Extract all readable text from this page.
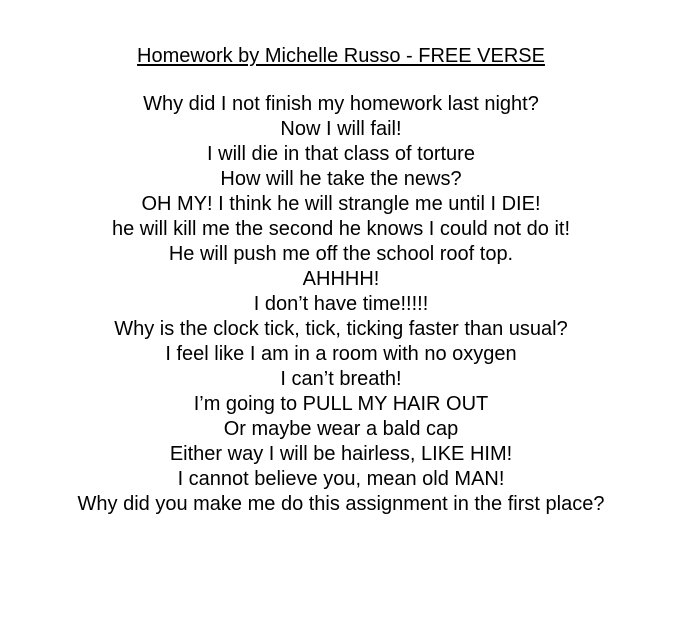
Homework by Michelle Russo - FREE VERSE
Why did I not finish my homework last night?
Now I will fail!
I will die in that class of torture
How will he take the news?
OH MY! I think he will strangle me until I DIE!
he will kill me the second he knows I could not do it!
He will push me off the school roof top.
AHHHH!
I don’t have time!!!!!
Why is the clock tick, tick, ticking faster than usual?
I feel like I am in a room with no oxygen
I can’t breath!
I’m going to PULL MY HAIR OUT
Or maybe wear a bald cap
Either way I will be hairless, LIKE HIM!
I cannot believe you, mean old MAN!
Why did you make me do this assignment in the first place?
